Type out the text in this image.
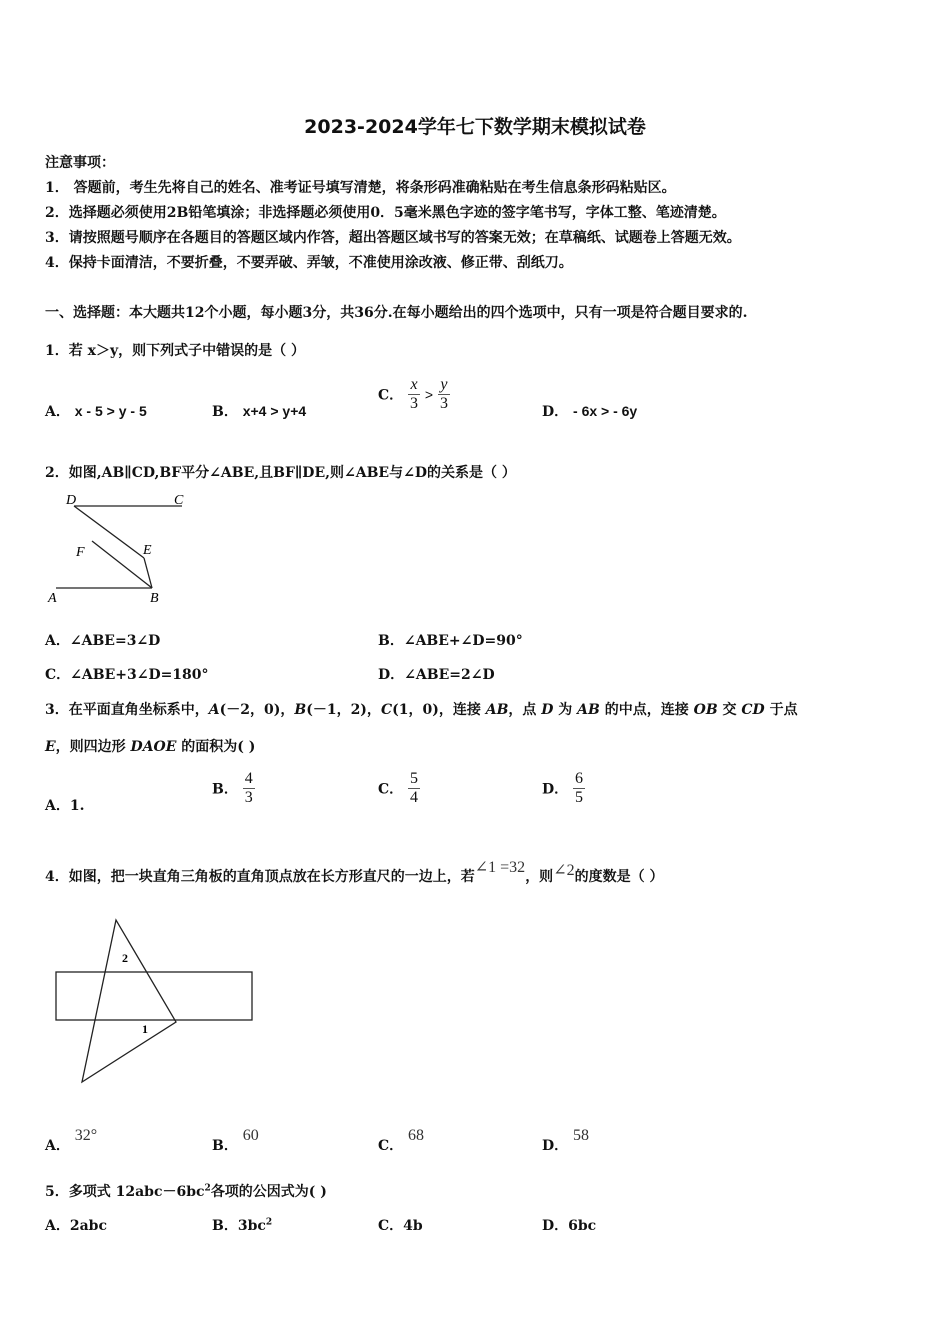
2023-2024学年七下数学期末模拟试卷
注意事项：
1． 答题前，考生先将自己的姓名、准考证号填写清楚，将条形码准确粘贴在考生信息条形码粘贴区。
2．选择题必须使用2B铅笔填涂；非选择题必须使用0．5毫米黑色字迹的签字笔书写，字体工整、笔迹清楚。
3．请按照题号顺序在各题目的答题区域内作答，超出答题区域书写的答案无效；在草稿纸、试题卷上答题无效。
4．保持卡面清洁，不要折叠，不要弄破、弄皱，不准使用涂改液、修正带、刮纸刀。
一、选择题：本大题共12个小题，每小题3分，共36分.在每小题给出的四个选项中，只有一项是符合题目要求的.
1．若 x＞y，则下列式子中错误的是（ ）
A． x - 5 > y - 5	B． x+4 > y+4
C． $\frac{x}{3} > \frac{y}{3}$	D． - 6x > - 6y
2．如图,AB∥CD,BF平分∠ABE,且BF∥DE,则∠ABE与∠D的关系是（ ）
D	C
F	E
A	B
A．∠ABE=3∠D	B．∠ABE+∠D=90°
C．∠ABE+3∠D=180°	D．∠ABE=2∠D
3．在平面直角坐标系中，A(－2，0)，B(－1，2)，C(1，0)，连接 AB，点 D 为 AB 的中点，连接 OB 交 CD 于点
E，则四边形 DAOE 的面积为( )
A．1.
B． $\frac{4}{3}$	C． $\frac{5}{4}$	D． $\frac{6}{5}$
4．如图，把一块直角三角板的直角顶点放在长方形直尺的一边上，若∠1 =32，则∠2的度数是（ ）
2
1
A． 32°
B． 60
C． 68
D． 58
5．多项式 $12abc-6bc^2$各项的公因式为( )
A．2abc	B．$3bc^2$	C．4b	D．6bc
